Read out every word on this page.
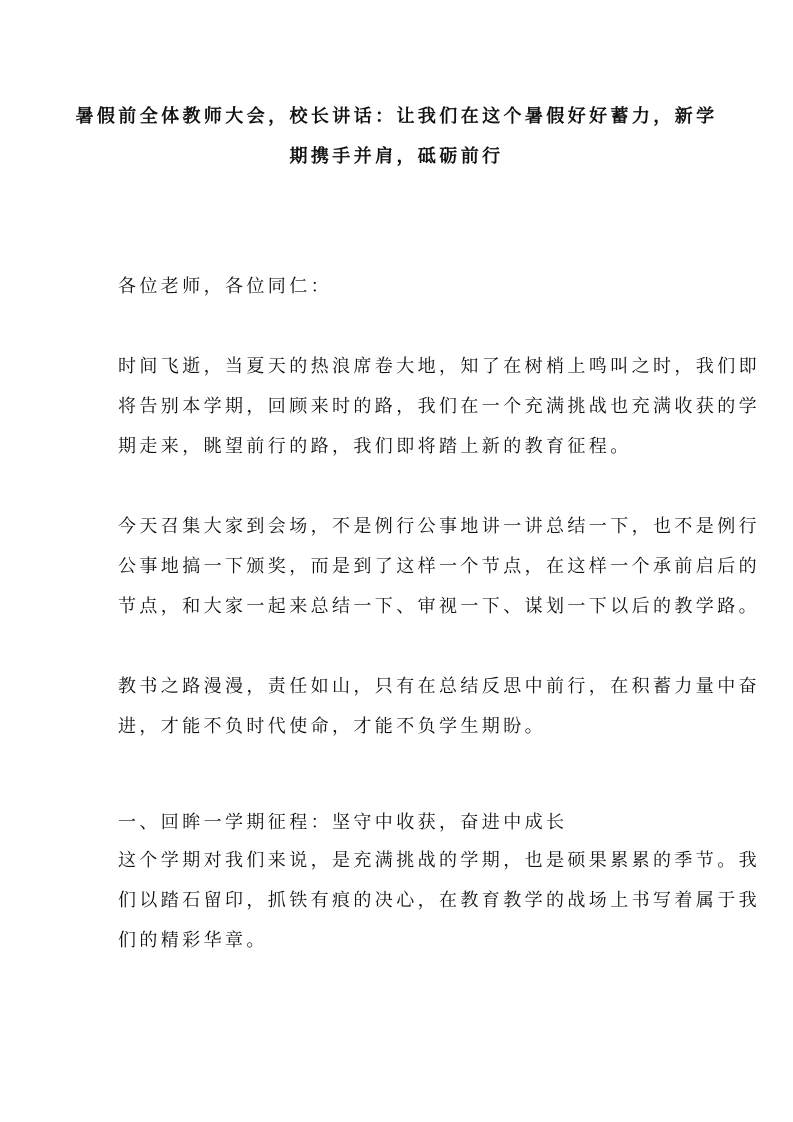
暑假前全体教师大会，校长讲话：让我们在这个暑假好好蓄力，新学
期携手并肩，砥砺前行
各位老师，各位同仁：
时间飞逝，当夏天的热浪席卷大地，知了在树梢上鸣叫之时，我们即
将告别本学期，回顾来时的路，我们在一个充满挑战也充满收获的学
期走来，眺望前行的路，我们即将踏上新的教育征程。
今天召集大家到会场，不是例行公事地讲一讲总结一下，也不是例行
公事地搞一下颁奖，而是到了这样一个节点，在这样一个承前启后的
节点，和大家一起来总结一下、审视一下、谋划一下以后的教学路。
教书之路漫漫，责任如山，只有在总结反思中前行，在积蓄力量中奋
进，才能不负时代使命，才能不负学生期盼。
一、回眸一学期征程：坚守中收获，奋进中成长
这个学期对我们来说，是充满挑战的学期，也是硕果累累的季节。我
们以踏石留印，抓铁有痕的决心，在教育教学的战场上书写着属于我
们的精彩华章。
